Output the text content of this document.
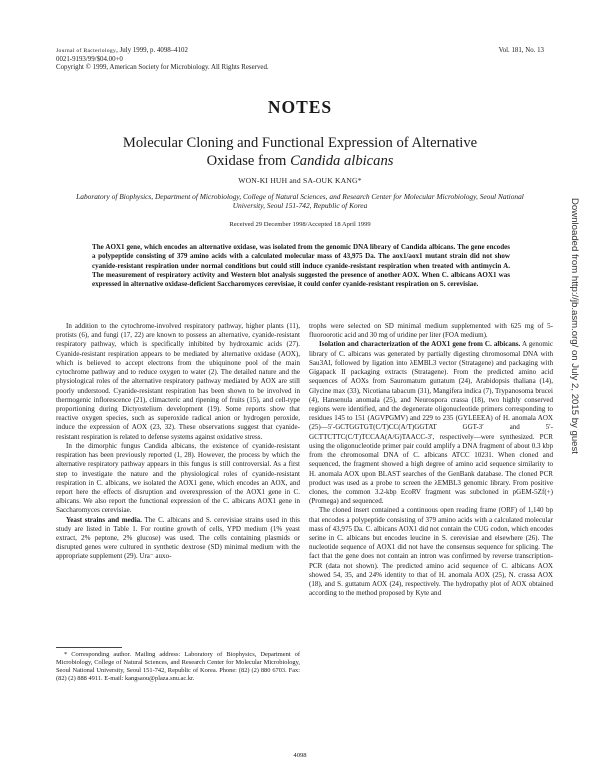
Journal of Bacteriology, July 1999, p. 4098–4102
0021-9193/99/$04.00+0
Copyright © 1999, American Society for Microbiology. All Rights Reserved.
Vol. 181, No. 13
NOTES
Molecular Cloning and Functional Expression of Alternative
Oxidase from Candida albicans
WON-KI HUH and SA-OUK KANG*
Laboratory of Biophysics, Department of Microbiology, College of Natural Sciences, and Research Center for Molecular Microbiology, Seoul National University, Seoul 151-742, Republic of Korea
Received 29 December 1998/Accepted 18 April 1999
The AOX1 gene, which encodes an alternative oxidase, was isolated from the genomic DNA library of Candida albicans. The gene encodes a polypeptide consisting of 379 amino acids with a calculated molecular mass of 43,975 Da. The aox1/aox1 mutant strain did not show cyanide-resistant respiration under normal conditions but could still induce cyanide-resistant respiration when treated with antimycin A. The measurement of respiratory activity and Western blot analysis suggested the presence of another AOX. When C. albicans AOX1 was expressed in alternative oxidase-deficient Saccharomyces cerevisiae, it could confer cyanide-resistant respiration on S. cerevisiae.

In addition to the cytochrome-involved respiratory pathway, higher plants (11), protists (6), and fungi (17, 22) are known to possess an alternative, cyanide-resistant respiratory pathway, which is specifically inhibited by hydroxamic acids (27). Cyanide-resistant respiration appears to be mediated by alternative oxidase (AOX), which is believed to accept electrons from the ubiquinone pool of the main cytochrome pathway and to reduce oxygen to water (2). The detailed nature and the physiological roles of the alternative respiratory pathway mediated by AOX are still poorly understood. Cyanide-resistant respiration has been shown to be involved in thermogenic inflorescence (21), climacteric and ripening of fruits (15), and cell-type proportioning during Dictyostelium development (19). Some reports show that reactive oxygen species, such as superoxide radical anion or hydrogen peroxide, induce the expression of AOX (23, 32). These observations suggest that cyanide-resistant respiration is related to defense systems against oxidative stress.

In the dimorphic fungus Candida albicans, the existence of cyanide-resistant respiration has been previously reported (1, 28). However, the process by which the alternative respiratory pathway appears in this fungus is still controversial. As a first step to investigate the nature and the physiological roles of cyanide-resistant respiration in C. albicans, we isolated the AOX1 gene, which encodes an AOX, and report here the effects of disruption and overexpression of the AOX1 gene in C. albicans. We also report the functional expression of the C. albicans AOX1 gene in Saccharomyces cerevisiae.

Yeast strains and media. The C. albicans and S. cerevisiae strains used in this study are listed in Table 1. For routine growth of cells, YPD medium (1% yeast extract, 2% peptone, 2% glucose) was used. The cells containing plasmids or disrupted genes were cultured in synthetic dextrose (SD) minimal medium with the appropriate supplement (29). Ura⁻ auxo-

trophs were selected on SD minimal medium supplemented with 625 mg of 5-fluoroorotic acid and 30 mg of uridine per liter (FOA medium).

Isolation and characterization of the AOX1 gene from C. albicans. A genomic library of C. albicans was generated by partially digesting chromosomal DNA with Sau3AI, followed by ligation into λEMBL3 vector (Stratagene) and packaging with Gigapack II packaging extracts (Stratagene). From the predicted amino acid sequences of AOXs from Sauromatum guttatum (24), Arabidopsis thaliana (14), Glycine max (33), Nicotiana tabacum (31), Mangifera indica (7), Trypanosoma brucei (4), Hansenula anomala (25), and Neurospora crassa (18), two highly conserved regions were identified, and the degenerate oligonucleotide primers corresponding to residues 145 to 151 (AGVPGMV) and 229 to 235 (GYLEEEA) of H. anomala AOX (25)—5′-GCTGGTGT(C/T)CC(A/T)GGTAT GGT-3′ and 5′-GCTTCTTC(C/T)TCCAA(A/G)TAACC-3′, respectively—were synthesized. PCR using the oligonucleotide primer pair could amplify a DNA fragment of about 0.3 kbp from the chromosomal DNA of C. albicans ATCC 10231. When cloned and sequenced, the fragment showed a high degree of amino acid sequence similarity to H. anomala AOX upon BLAST searches of the GenBank database. The cloned PCR product was used as a probe to screen the λEMBL3 genomic library. From positive clones, the common 3.2-kbp EcoRV fragment was subcloned in pGEM-5Zf(+) (Promega) and sequenced.

The cloned insert contained a continuous open reading frame (ORF) of 1,140 bp that encodes a polypeptide consisting of 379 amino acids with a calculated molecular mass of 43,975 Da. C. albicans AOX1 did not contain the CUG codon, which encodes serine in C. albicans but encodes leucine in S. cerevisiae and elsewhere (26). The nucleotide sequence of AOX1 did not have the consensus sequence for splicing. The fact that the gene does not contain an intron was confirmed by reverse transcription-PCR (data not shown). The predicted amino acid sequence of C. albicans AOX showed 54, 35, and 24% identity to that of H. anomala AOX (25), N. crassa AOX (18), and S. guttatum AOX (24), respectively. The hydropathy plot of AOX obtained according to the method proposed by Kyte and

* Corresponding author. Mailing address: Laboratory of Biophysics, Department of Microbiology, College of Natural Sciences, and Research Center for Molecular Microbiology, Seoul National University, Seoul 151-742, Republic of Korea. Phone: (82) (2) 880 6703. Fax: (82) (2) 888 4911. E-mail: kangsaou@plaza.snu.ac.kr.
4098
Downloaded from http://jb.asm.org/ on July 2, 2015 by guest
